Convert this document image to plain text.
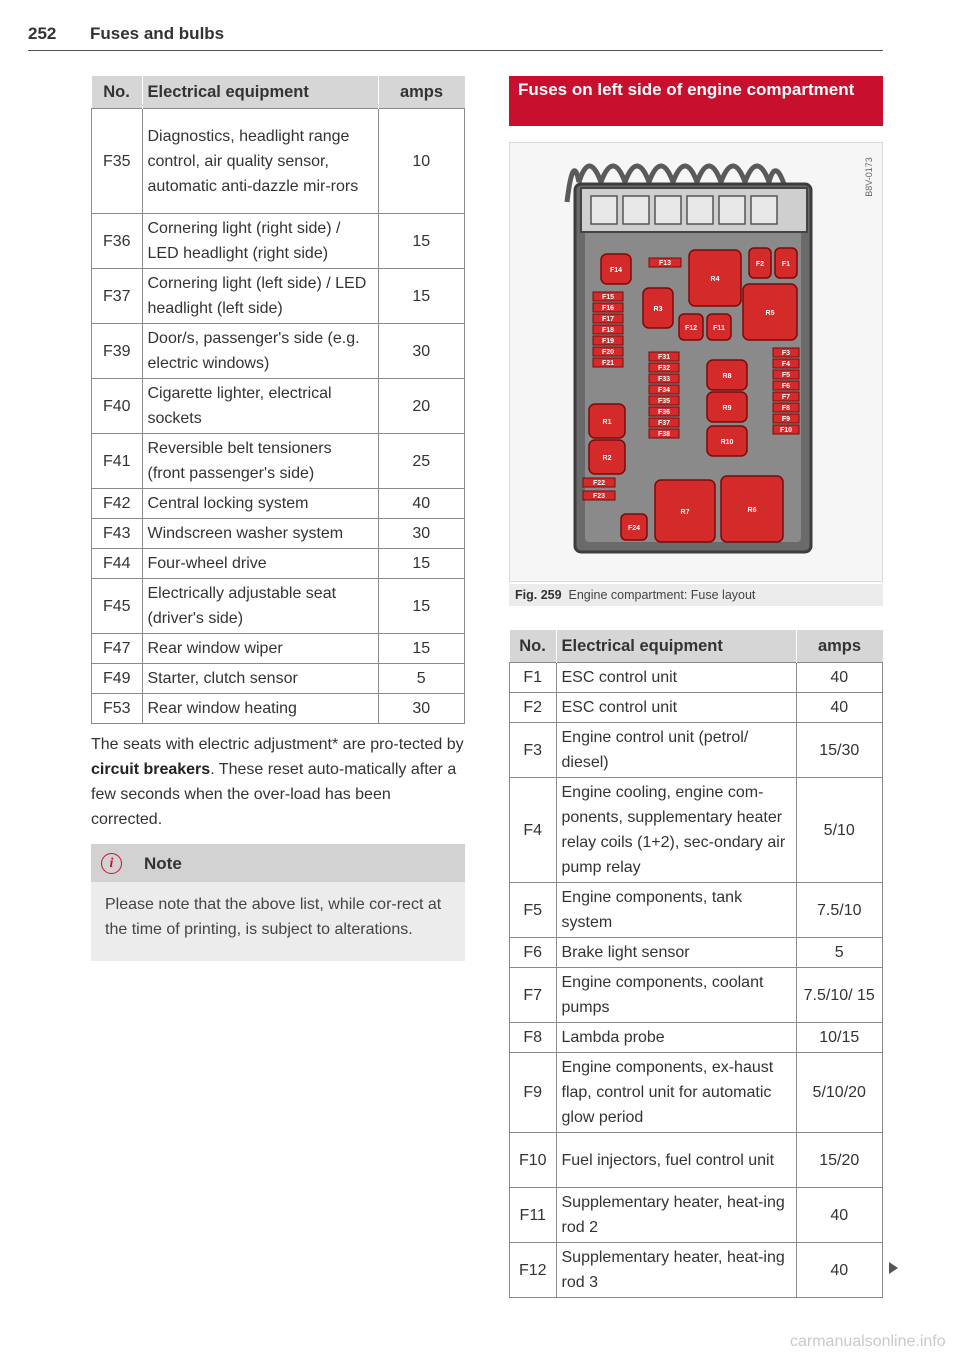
252 Fuses and bulbs
No.	Electrical equipment	amps
F35	Diagnostics, headlight range control, air quality sensor, automatic anti-dazzle mir-rors	10
F36	Cornering light (right side) / LED headlight (right side)	15
F37	Cornering light (left side) / LED headlight (left side)	15
F39	Door/s, passenger's side (e.g. electric windows)	30
F40	Cigarette lighter, electrical sockets	20
F41	Reversible belt tensioners (front passenger's side)	25
F42	Central locking system	40
F43	Windscreen washer system	30
F44	Four-wheel drive	15
F45	Electrically adjustable seat (driver's side)	15
F47	Rear window wiper	15
F49	Starter, clutch sensor	5
F53	Rear window heating	30
The seats with electric adjustment* are pro-tected by circuit breakers. These reset auto-matically after a few seconds when the over-load has been corrected.
i	Note
Please note that the above list, while cor-rect at the time of printing, is subject to alterations.
Fuses on left side of engine compartment
F14
F13	F2	F1
F12 F11
F15
F16
F17
F18
F19
F20
F21
F31
F32
F33
F34
F35
F36
F37
F38
F3
F4
F5
F6
F7
F8
F9
F10
F22
F23
F24
R1
R2
R3
R4
R5
R6
R7
R8
R9
R10
B8V-0173
Fig. 259 Engine compartment: Fuse layout
No.	Electrical equipment	amps
F1	ESC control unit	40
F2	ESC control unit	40
F3	Engine control unit (petrol/ diesel)	15/30
F4	Engine cooling, engine com-ponents, supplementary heater relay coils (1+2), sec-ondary air pump relay	5/10
F5	Engine components, tank system	7.5/10
F6	Brake light sensor	5
F7	Engine components, coolant pumps	7.5/10/ 15
F8	Lambda probe	10/15
F9	Engine components, ex-haust flap, control unit for automatic glow period	5/10/20
F10	Fuel injectors, fuel control unit	15/20
F11	Supplementary heater, heat-ing rod 2	40
F12	Supplementary heater, heat-ing rod 3	40
carmanualsonline.info
